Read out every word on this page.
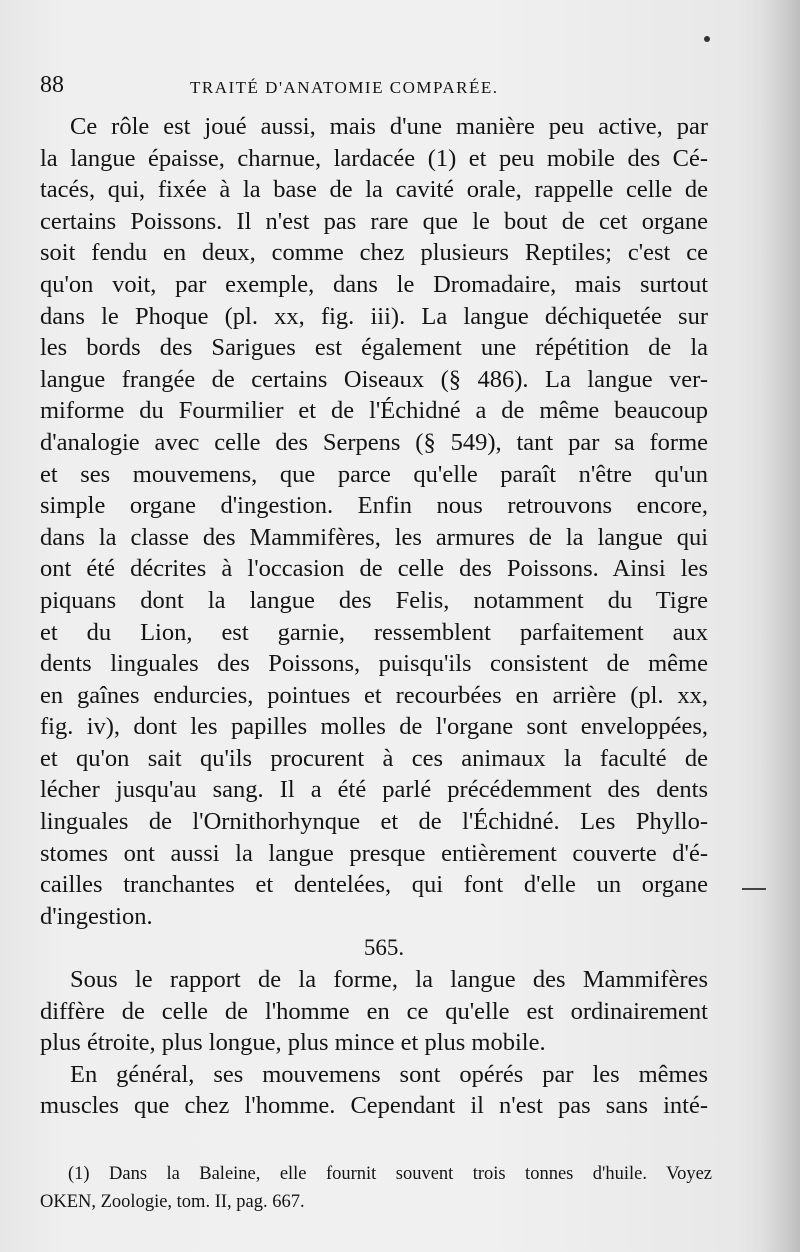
88	TRAITÉ D'ANATOMIE COMPARÉE.
Ce rôle est joué aussi, mais d'une manière peu active, par
la langue épaisse, charnue, lardacée (1) et peu mobile des Cé-
tacés, qui, fixée à la base de la cavité orale, rappelle celle de
certains Poissons. Il n'est pas rare que le bout de cet organe
soit fendu en deux, comme chez plusieurs Reptiles; c'est ce
qu'on voit, par exemple, dans le Dromadaire, mais surtout
dans le Phoque (pl. xx, fig. iii). La langue déchiquetée sur
les bords des Sarigues est également une répétition de la
langue frangée de certains Oiseaux (§ 486). La langue ver-
miforme du Fourmilier et de l'Échidné a de même beaucoup
d'analogie avec celle des Serpens (§ 549), tant par sa forme
et ses mouvemens, que parce qu'elle paraît n'être qu'un
simple organe d'ingestion. Enfin nous retrouvons encore,
dans la classe des Mammifères, les armures de la langue qui
ont été décrites à l'occasion de celle des Poissons. Ainsi les
piquans dont la langue des Felis, notamment du Tigre
et du Lion, est garnie, ressemblent parfaitement aux
dents linguales des Poissons, puisqu'ils consistent de même
en gaînes endurcies, pointues et recourbées en arrière (pl. xx,
fig. iv), dont les papilles molles de l'organe sont enveloppées,
et qu'on sait qu'ils procurent à ces animaux la faculté de
lécher jusqu'au sang. Il a été parlé précédemment des dents
linguales de l'Ornithorhynque et de l'Échidné. Les Phyllo-
stomes ont aussi la langue presque entièrement couverte d'é-
cailles tranchantes et dentelées, qui font d'elle un organe
d'ingestion.
565.
Sous le rapport de la forme, la langue des Mammifères
diffère de celle de l'homme en ce qu'elle est ordinairement
plus étroite, plus longue, plus mince et plus mobile.
En général, ses mouvemens sont opérés par les mêmes
muscles que chez l'homme. Cependant il n'est pas sans inté-
(1) Dans la Baleine, elle fournit souvent trois tonnes d'huile. Voyez
OKEN, Zoologie, tom. II, pag. 667.
